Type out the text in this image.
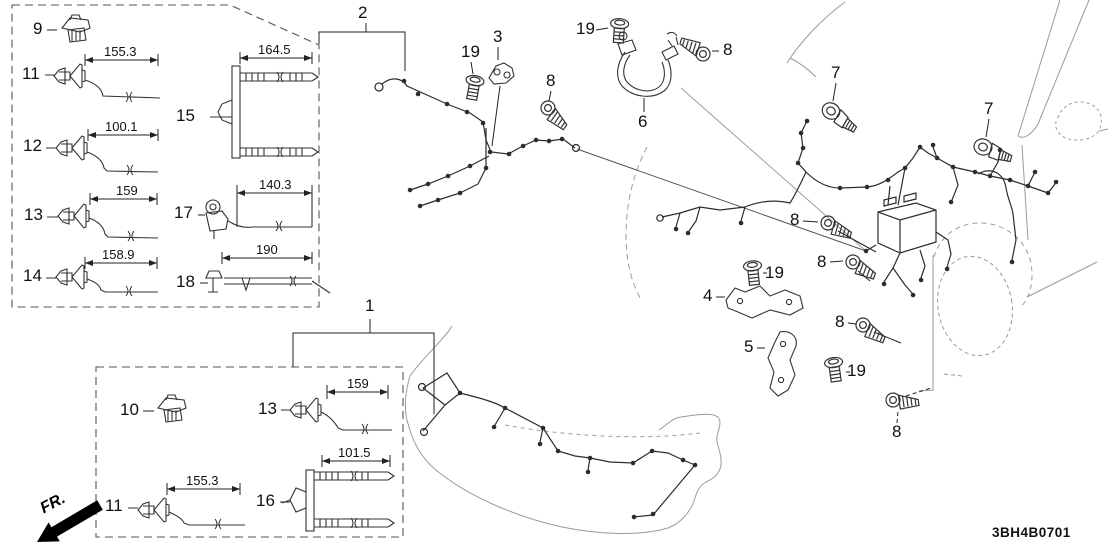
1
2
3
19
8
19
6
8
7
7
8
8
19
4
8
5
19
8
9
11
12
13
14
15
17
18
155.3
100.1
159
158.9
164.5
140.3
190
10	13
11	16
159
101.5
155.3
FR.
3BH4B0701
